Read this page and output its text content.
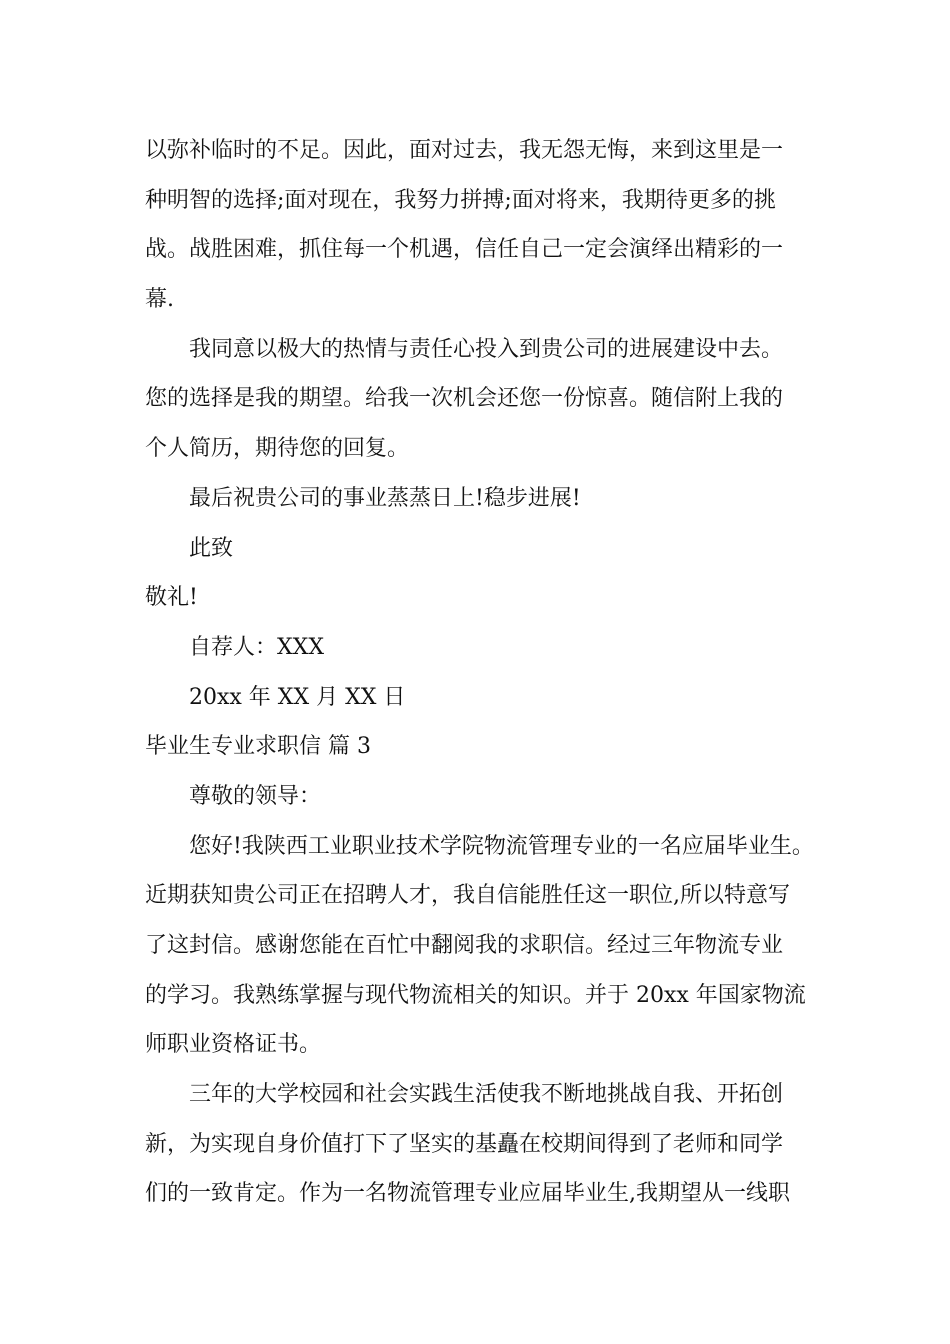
以弥补临时的不足。因此，面对过去，我无怨无悔，来到这里是一
种明智的选择;面对现在，我努力拼搏;面对将来，我期待更多的挑
战。战胜困难，抓住每一个机遇，信任自己一定会演绎出精彩的一
幕.
我同意以极大的热情与责任心投入到贵公司的进展建设中去。
您的选择是我的期望。给我一次机会还您一份惊喜。随信附上我的
个人简历，期待您的回复。
最后祝贵公司的事业蒸蒸日上!稳步进展!
此致
敬礼!
自荐人：XXX
20xx 年 XX 月 XX 日
毕业生专业求职信 篇 3
尊敬的领导：
您好!我陕西工业职业技术学院物流管理专业的一名应届毕业生。
近期获知贵公司正在招聘人才，我自信能胜任这一职位,所以特意写
了这封信。感谢您能在百忙中翻阅我的求职信。经过三年物流专业
的学习。我熟练掌握与现代物流相关的知识。并于 20xx 年国家物流
师职业资格证书。
三年的大学校园和社会实践生活使我不断地挑战自我、开拓创
新，为实现自身价值打下了坚实的基矗在校期间得到了老师和同学
们的一致肯定。作为一名物流管理专业应届毕业生,我期望从一线职
